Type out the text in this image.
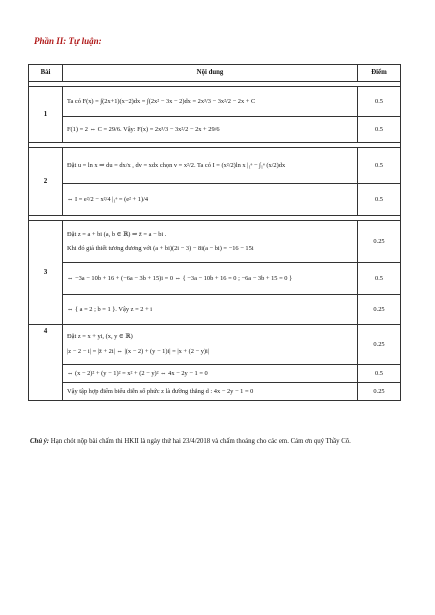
Phần II: Tự luận:
Bài	Nội dung	Điểm

1	Ta có F(x) = ∫(2x+1)(x−2)dx = ∫(2x² − 3x − 2)dx = 2x³/3 − 3x²/2 − 2x + C	0.5

	F(1) = 2 ⇔ C = 29/6. Vậy: F(x) = 2x³/3 − 3x²/2 − 2x + 29/6	0.5

2	Đặt u = ln x ⇒ du = dx/x , dv = xdx chọn v = x²/2. Ta có I = (x²/2)ln x |₁ᵉ − ∫₁ᵉ (x/2)dx	0.5

	⇔ I = e²/2 − x²/4 |₁ᵉ = (e² + 1)/4	0.5

3	Đặt z = a + bi (a, b ∈ ℝ) ⇒ z̄ = a − bi .
Khi đó giả thiết tương đương với (a + bi)(2i − 3) − 8i(a − bi) = −16 − 15i	0.25

	⇔ −3a − 10b + 16 + (−6a − 3b + 15)i = 0 ⇔ { −3a − 10b + 16 = 0 ; −6a − 3b + 15 = 0 }	0.5

	⇔ { a = 2 ; b = 1 }. Vậy z = 2 + i	0.25
4	Đặt z = x + yi, (x, y ∈ ℝ)
|z − 2 − i| = |z̄ + 2i| ⇔ |(x − 2) + (y − 1)i| = |x + (2 − y)i|	0.25

	⇔ (x − 2)² + (y − 1)² = x² + (2 − y)² ⇔ 4x − 2y − 1 = 0	0.5

	Vậy tập hợp điểm biểu diễn số phức z là đường thẳng d : 4x − 2y − 1 = 0	0.25
Chú ý: Hạn chót nộp bài chấm thi HKII là ngày thứ hai 23/4/2018 và chấm thoáng cho các em. Cảm ơn quý Thầy Cô.
